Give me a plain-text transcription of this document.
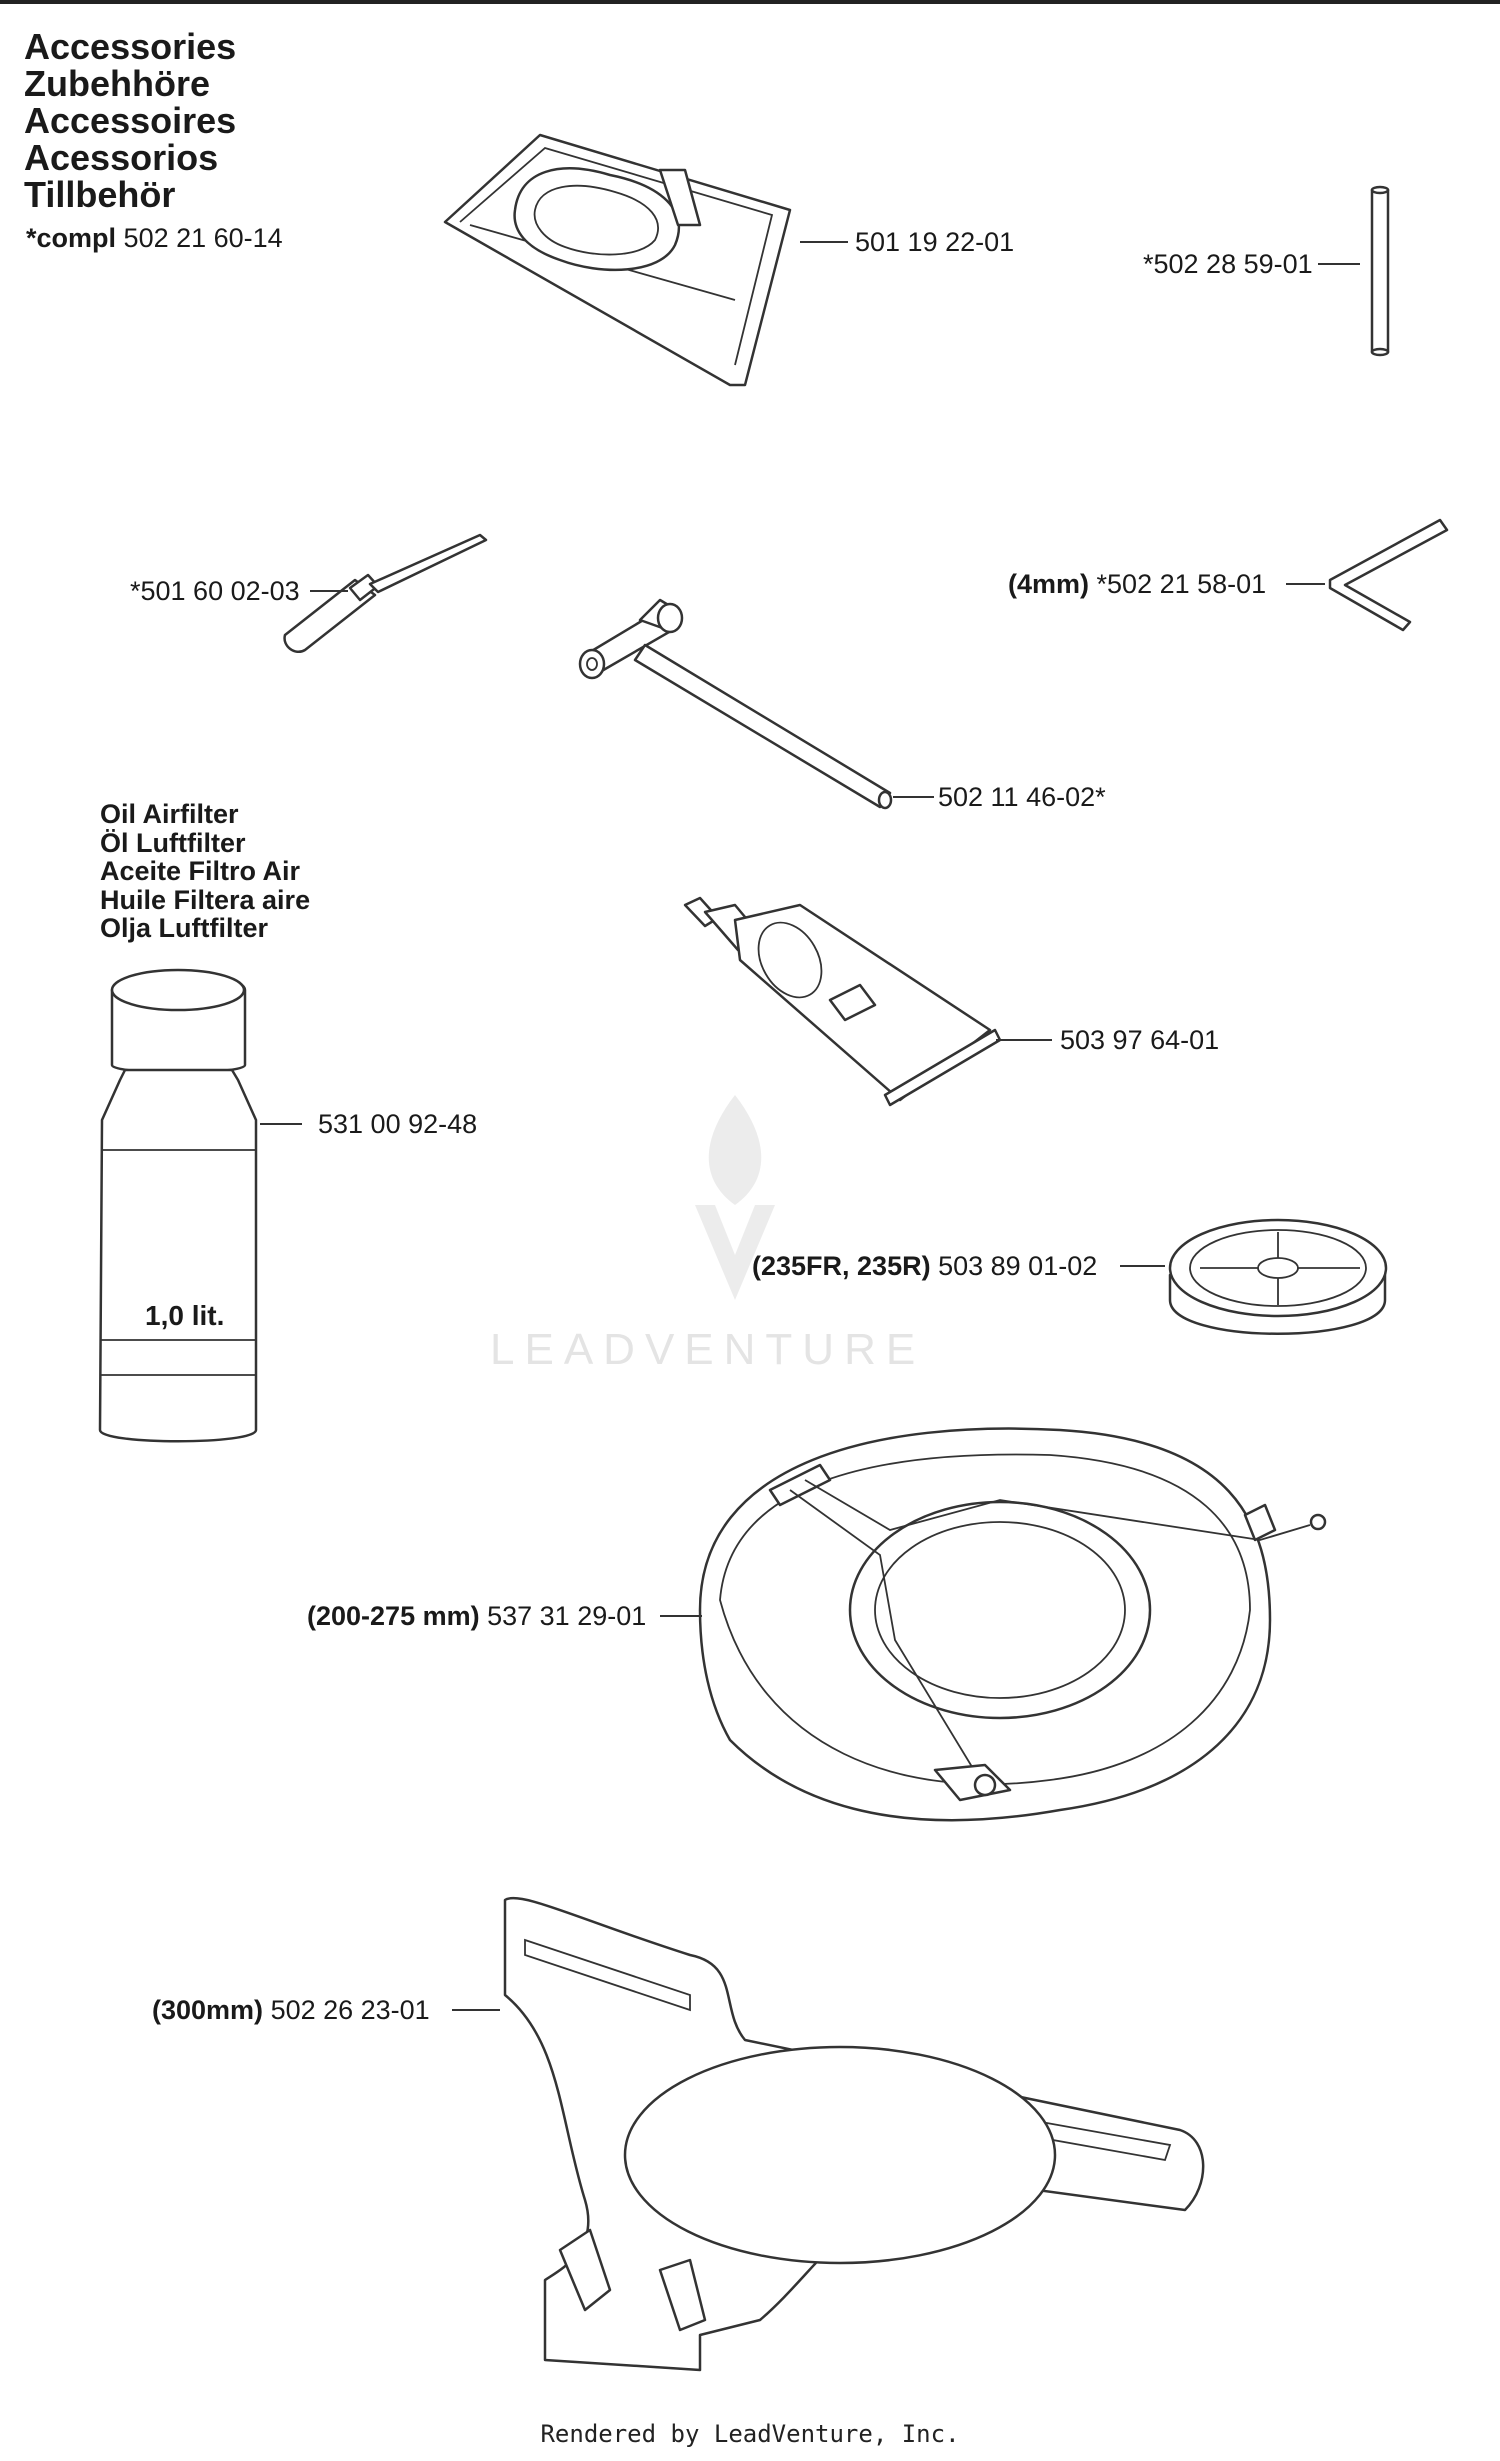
Accessories
Zubehhöre
Accessoires
Acessorios
Tillbehör
*compl 502 21 60-14
LEADVENTURE
501 19 22-01
*502 28 59-01
*501 60 02-03	(4mm) *502 21 58-01
502 11 46-02*
503 97 64-01
531 00 92-48
(235FR, 235R) 503 89 01-02
(200-275 mm) 537 31 29-01
(300mm) 502 26 23-01
Oil Airfilter
Öl Luftfilter
Aceite Filtro Air
Huile Filtera aire
Olja Luftfilter
1,0 lit.
Rendered by LeadVenture, Inc.
